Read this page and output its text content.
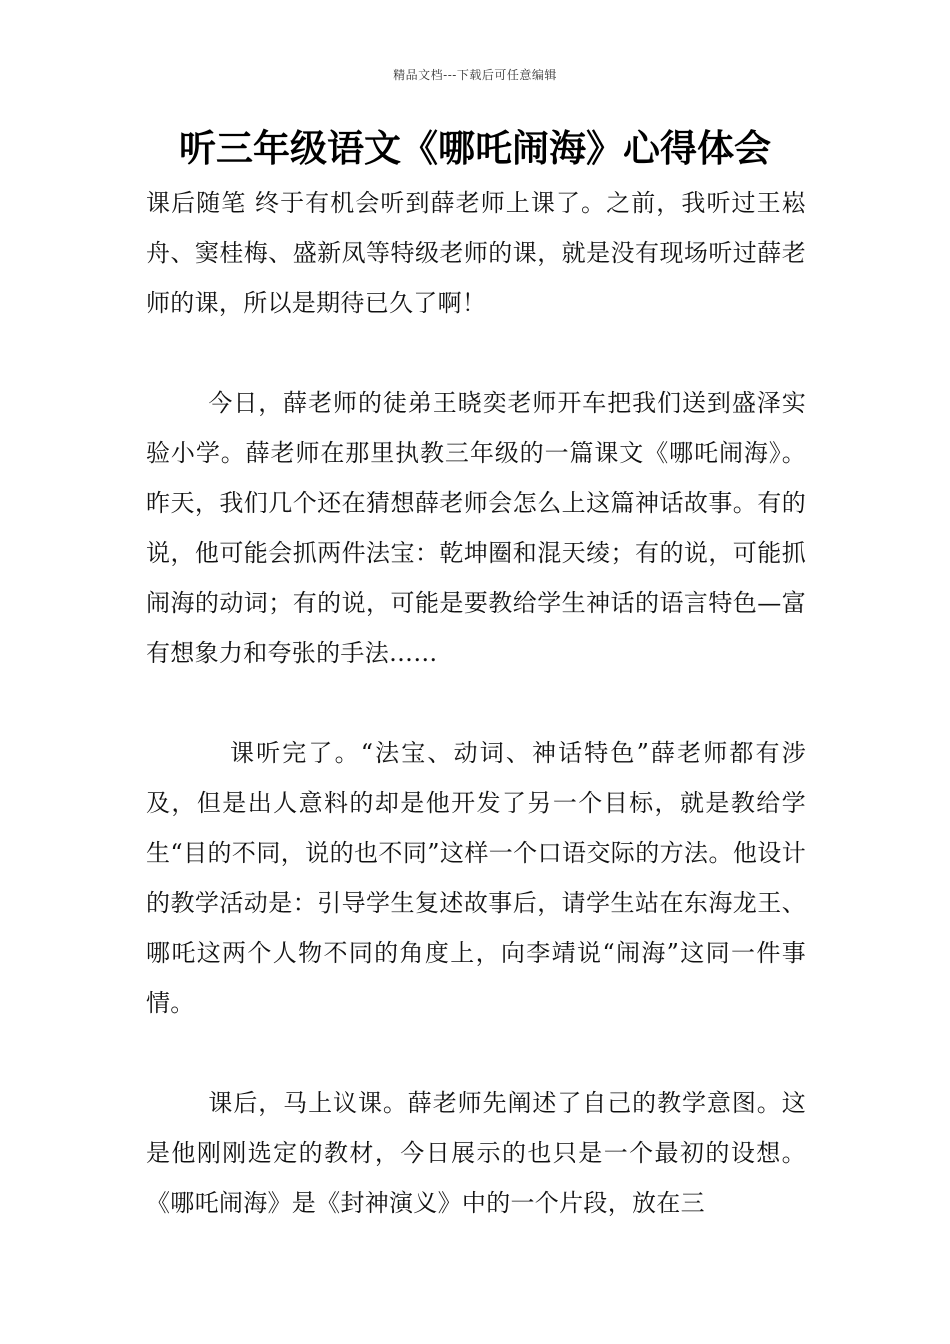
精品文档---下载后可任意编辑
听三年级语文《哪吒闹海》心得体会

课后随笔 终于有机会听到薛老师上课了。之前，我听过王崧舟、窦桂梅、盛新凤等特级老师的课，就是没有现场听过薛老师的课，所以是期待已久了啊！

今日，薛老师的徒弟王晓奕老师开车把我们送到盛泽实验小学。薛老师在那里执教三年级的一篇课文《哪吒闹海》。昨天，我们几个还在猜想薛老师会怎么上这篇神话故事。有的说，他可能会抓两件法宝：乾坤圈和混天绫；有的说，可能抓闹海的动词；有的说，可能是要教给学生神话的语言特色—富有想象力和夸张的手法……

课听完了。“法宝、动词、神话特色”薛老师都有涉及，但是出人意料的却是他开发了另一个目标，就是教给学生“目的不同，说的也不同”这样一个口语交际的方法。他设计的教学活动是：引导学生复述故事后，请学生站在东海龙王、哪吒这两个人物不同的角度上，向李靖说“闹海”这同一件事情。

课后，马上议课。薛老师先阐述了自己的教学意图。这是他刚刚选定的教材，今日展示的也只是一个最初的设想。《哪吒闹海》是《封神演义》中的一个片段，放在三
